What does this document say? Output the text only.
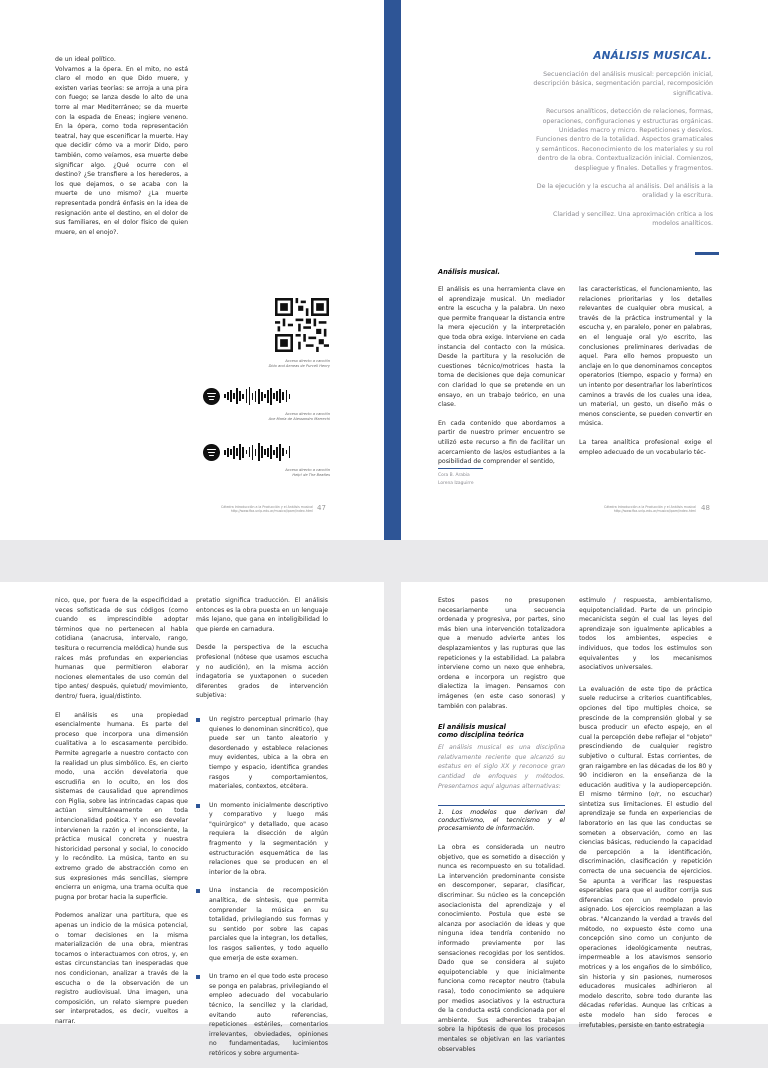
de un ideal político.
Volvamos a la ópera. En el mito, no está claro el modo en que Dido muere, y existen varias teorías: se arroja a una pira con fuego; se lanza desde lo alto de una torre al mar Mediterráneo; se da muerte con la espada de Eneas; ingiere veneno. En la ópera, como toda representación teatral, hay que escenificar la muerte. Hay que decidir cómo va a morir Dido, pero también, como veíamos, esa muerte debe significar algo. ¿Qué ocurre con el destino? ¿Se transfiere a los herederos, a los que dejamos, o se acaba con la muerte de uno mismo? ¿La muerte representada pondrá énfasis en la idea de resignación ante el destino, en el dolor de sus familiares, en el dolor físico de quien muere, en el enojo?.
Acceso directo a canción
Dido and Aeneas de Purcell Henry
Acceso directo a canción
Ave María de Alessandro Marrechi
Acceso directo a canción
Help! de The Beatles
Cátedra Introducción a la Producción y el Análisis musical
http://www.fba.unlp.edu.ar/musica/ipam/index.html 47
ANÁLISIS MUSICAL.

Secuenciación del análisis musical: percepción inicial, descripción básica, segmentación parcial, recomposición significativa.

Recursos analíticos, detección de relaciones, formas, operaciones, configuraciones y estructuras orgánicas. Unidades macro y micro. Repeticiones y desvíos. Funciones dentro de la totalidad. Aspectos gramaticales y semánticos. Reconocimiento de los materiales y su rol dentro de la obra. Contextualización inicial. Comienzos, despliegue y finales. Detalles y fragmentos.

De la ejecución y la escucha al análisis. Del análisis a la oralidad y la escritura.

Claridad y sencillez. Una aproximación crítica a los modelos analíticos.

Análisis musical.

El análisis es una herramienta clave en el aprendizaje musical. Un mediador entre la escucha y la palabra. Un nexo que permite franquear la distancia entre la mera ejecución y la interpretación que toda obra exige. Interviene en cada instancia del contacto con la música. Desde la partitura y la resolución de cuestiones técnico/motrices hasta la toma de decisiones que deja comunicar con claridad lo que se pretende en un ensayo, en un trabajo teórico, en una clase.

En cada contenido que abordamos a partir de nuestro primer encuentro se utilizó este recurso a fin de facilitar un acercamiento de las/os estudiantes a la posibilidad de comprender el sentido,

Cora B. Arabia
Lorena Izaguirre

las características, el funcionamiento, las relaciones prioritarias y los detalles relevantes de cualquier obra musical, a través de la práctica instrumental y la escucha y, en paralelo, poner en palabras, en el lenguaje oral y/o escrito, las conclusiones preliminares derivadas de aquel. Para ello hemos propuesto un anclaje en lo que denominamos conceptos operatorios (tiempo, espacio y forma) en un intento por desentrañar los laberínticos caminos a través de los cuales una idea, un material, un gesto, un diseño más o menos consciente, se pueden convertir en música.

La tarea analítica profesional exige el empleo adecuado de un vocabulario téc-

Cátedra Introducción a la Producción y el Análisis musical
http://www.fba.unlp.edu.ar/musica/ipam/index.html 48

nico, que, por fuera de la especificidad a veces sofisticada de sus códigos (como cuando es imprescindible adoptar términos que no pertenecen al habla cotidiana (anacrusa, intervalo, rango, tesitura o recurrencia melódica) hunde sus raíces más profundas en experiencias humanas que permitieron elaborar nociones elementales de uso común del tipo antes/ después, quietud/ movimiento, dentro/ fuera, igual/distinto.

El análisis es una propiedad esencialmente humana. Es parte del proceso que incorpora una dimensión cualitativa a lo escasamente percibido. Permite agregarle a nuestro contacto con la realidad un plus simbólico. Es, en cierto modo, una acción develatoria que escrudiña en lo oculto, en los dos sistemas de causalidad que aprendimos con Piglia, sobre las intrincadas capas que actúan simultáneamente en toda intencionalidad poética. Y en ese develar intervienen la razón y el inconsciente, la práctica musical concreta y nuestra historicidad personal y social, lo conocido y lo recóndito. La música, tanto en su extremo grado de abstracción como en sus expresiones más sencillas, siempre encierra un enigma, una trama oculta que pugna por brotar hacia la superficie.

Podemos analizar una partitura, que es apenas un indicio de la música potencial, o tomar decisiones en la misma materialización de una obra, mientras tocamos o interactuamos con otros, y, en estas circunstancias tan inesperadas que nos condicionan, analizar a través de la escucha o de la observación de un registro audiovisual. Una imagen, una composición, un relato siempre pueden ser interpretados, es decir, vueltos a narrar.

pretatio significa traducción. El análisis entonces es la obra puesta en un lenguaje más lejano, que gana en inteligibilidad lo que pierde en carnadura.

Desde la perspectiva de la escucha profesional (nótese que usamos escucha y no audición), en la misma acción indagatoria se yuxtaponen o suceden diferentes grados de intervención subjetiva:

Un registro perceptual primario (hay quienes lo denominan sincrético), que puede ser un tanto aleatorio y desordenado y establece relaciones muy evidentes, ubica a la obra en tiempo y espacio, identifica grandes rasgos y comportamientos, materiales, contextos, etcétera.

Un momento inicialmente descriptivo y comparativo y luego más "quirúrgico" y detallado, que acaso requiera la disección de algún fragmento y la segmentación y estructuración esquemática de las relaciones que se producen en el interior de la obra.

Una instancia de recomposición analítica, de síntesis, que permita comprender la música en su totalidad, privilegiando sus formas y su sentido por sobre las capas parciales que la integran, los detalles, los rasgos salientes, y todo aquello que emerja de este examen.

Un tramo en el que todo este proceso se ponga en palabras, privilegiando el empleo adecuado del vocabulario técnico, la sencillez y la claridad, evitando auto referencias, repeticiones estériles, comentarios irrelevantes, obviedades, opiniones no fundamentadas, lucimientos retóricos y sobre argumenta-

Estos pasos no presuponen necesariamente una secuencia ordenada y progresiva, por partes, sino más bien una intervención totalizadora que a menudo advierte antes los desplazamientos y las rupturas que las repeticiones y la estabilidad. La palabra interviene como un nexo que enhebra, ordena e incorpora un registro que dialectiza la imagen. Pensamos con imágenes (en este caso sonoras) y también con palabras.

El análisis musical
como disciplina teórica

El análisis musical es una disciplina relativamente reciente que alcanzó su estatus en el siglo XX y reconoce gran cantidad de enfoques y métodos. Presentamos aquí algunas alternativas:

1. Los modelos que derivan del conductivismo, el tecnicismo y el procesamiento de información.

La obra es considerada un neutro objetivo, que es sometido a disección y nunca es recompuesto en su totalidad. La intervención predominante consiste en descomponer, separar, clasificar, discriminar. Su núcleo es la concepción asociacionista del aprendizaje y el conocimiento. Postula que este se alcanza por asociación de ideas y que ninguna idea tendría contenido no informado previamente por las sensaciones recogidas por los sentidos. Dado que se considera al sujeto equipotenciable y que inicialmente funciona como receptor neutro (tabula rasa), todo conocimiento se adquiere por medios asociativos y la estructura de la conducta está condicionada por el ambiente. Sus adherentes trabajan sobre la hipótesis de que los procesos mentales se objetivan en las variantes observables

estímulo / respuesta, ambientalismo, equipotencialidad. Parte de un principio mecanicista según el cual las leyes del aprendizaje son igualmente aplicables a todos los ambientes, especies e individuos, que todos los estímulos son equivalentes y los mecanismos asociativos universales.

La evaluación de este tipo de práctica suele reducirse a criterios cuantificables, opciones del tipo multiples choice, se prescinde de la comprensión global y se busca producir un efecto espejo, en el cual la percepción debe reflejar el "objeto" prescindiendo de cualquier registro subjetivo o cultural. Estas corrientes, de gran raigambre en las décadas de los 80 y 90 incidieron en la enseñanza de la educación auditiva y la audiopercepción. El mismo término (o/r, no escuchar) sintetiza sus limitaciones. El estudio del aprendizaje se funda en experiencias de laboratorio en las que las conductas se someten a observación, como en las ciencias básicas, reduciendo la capacidad de percepción a la identificación, discriminación, clasificación y repetición correcta de una secuencia de ejercicios. Se apunta a verificar las respuestas esperables para que el auditor corrija sus diferencias con un modelo previo asignado. Los ejercicios reemplazan a las obras. "Alcanzando la verdad a través del método, no expuesto éste como una concepción sino como un conjunto de operaciones ideológicamente neutras, impermeable a los atavismos sensorio motrices y a los engaños de lo simbólico, sin historia y sin pasiones, numerosos educadores musicales adhirieron al modelo descrito, sobre todo durante las décadas referidas. Aunque las críticas a este modelo han sido feroces e irrefutables, persiste en tanto estrategia
